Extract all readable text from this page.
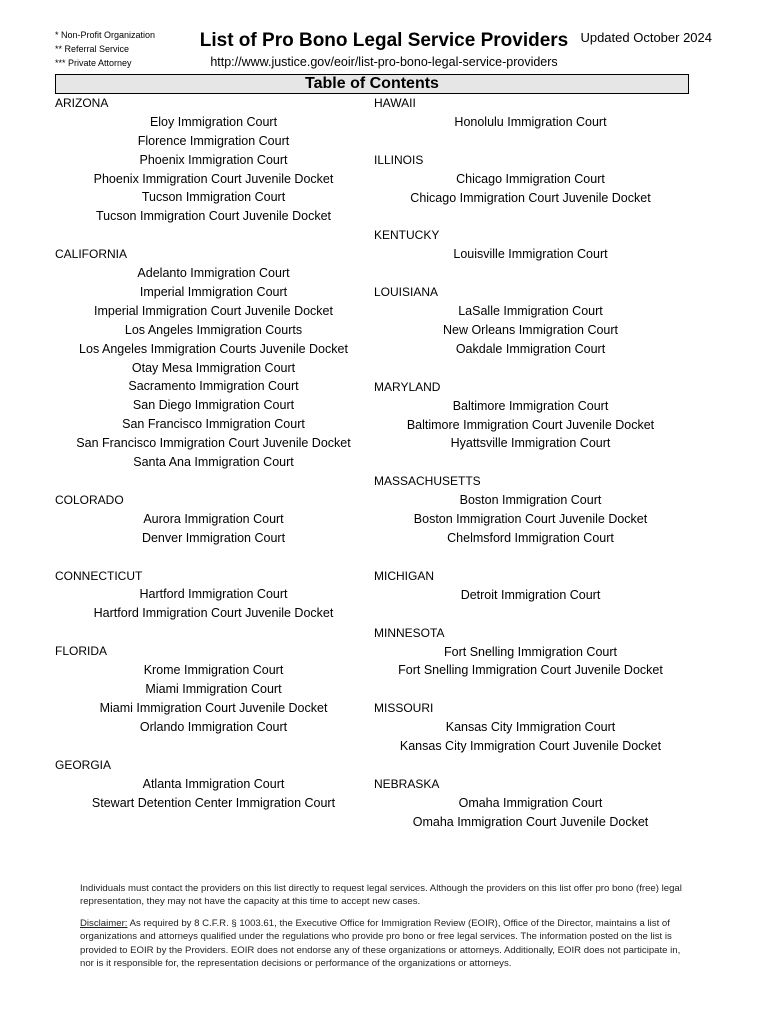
* Non-Profit Organization
** Referral Service
*** Private Attorney
List of Pro Bono Legal Service Providers Updated October 2024
http://www.justice.gov/eoir/list-pro-bono-legal-service-providers
Table of Contents
ARIZONA
Eloy Immigration Court
Florence Immigration Court
Phoenix Immigration Court
Phoenix Immigration Court Juvenile Docket
Tucson Immigration Court
Tucson Immigration Court Juvenile Docket
CALIFORNIA
Adelanto Immigration Court
Imperial Immigration Court
Imperial Immigration Court Juvenile Docket
Los Angeles Immigration Courts
Los Angeles Immigration Courts Juvenile Docket
Otay Mesa Immigration Court
Sacramento Immigration Court
San Diego Immigration Court
San Francisco Immigration Court
San Francisco Immigration Court Juvenile Docket
Santa Ana Immigration Court
COLORADO
Aurora Immigration Court
Denver Immigration Court
CONNECTICUT
Hartford Immigration Court
Hartford Immigration Court Juvenile Docket
FLORIDA
Krome Immigration Court
Miami Immigration Court
Miami Immigration Court Juvenile Docket
Orlando Immigration Court
GEORGIA
Atlanta Immigration Court
Stewart Detention Center Immigration Court
HAWAII
Honolulu Immigration Court
ILLINOIS
Chicago Immigration Court
Chicago Immigration Court Juvenile Docket
KENTUCKY
Louisville Immigration Court
LOUISIANA
LaSalle Immigration Court
New Orleans Immigration Court
Oakdale Immigration Court
MARYLAND
Baltimore Immigration Court
Baltimore Immigration Court Juvenile Docket
Hyattsville Immigration Court
MASSACHUSETTS
Boston Immigration Court
Boston Immigration Court Juvenile Docket
Chelmsford Immigration Court
MICHIGAN
Detroit Immigration Court
MINNESOTA
Fort Snelling Immigration Court
Fort Snelling Immigration Court Juvenile Docket
MISSOURI
Kansas City Immigration Court
Kansas City Immigration Court Juvenile Docket
NEBRASKA
Omaha Immigration Court
Omaha Immigration Court Juvenile Docket

Individuals must contact the providers on this list directly to request legal services. Although the providers on this list offer pro bono (free) legal representation, they may not have the capacity at this time to accept new cases.

Disclaimer: As required by 8 C.F.R. § 1003.61, the Executive Office for Immigration Review (EOIR), Office of the Director, maintains a list of organizations and attorneys qualified under the regulations who provide pro bono or free legal services. The information posted on the list is provided to EOIR by the Providers. EOIR does not endorse any of these organizations or attorneys. Additionally, EOIR does not participate in, nor is it responsible for, the representation decisions or performance of the organizations or attorneys.
